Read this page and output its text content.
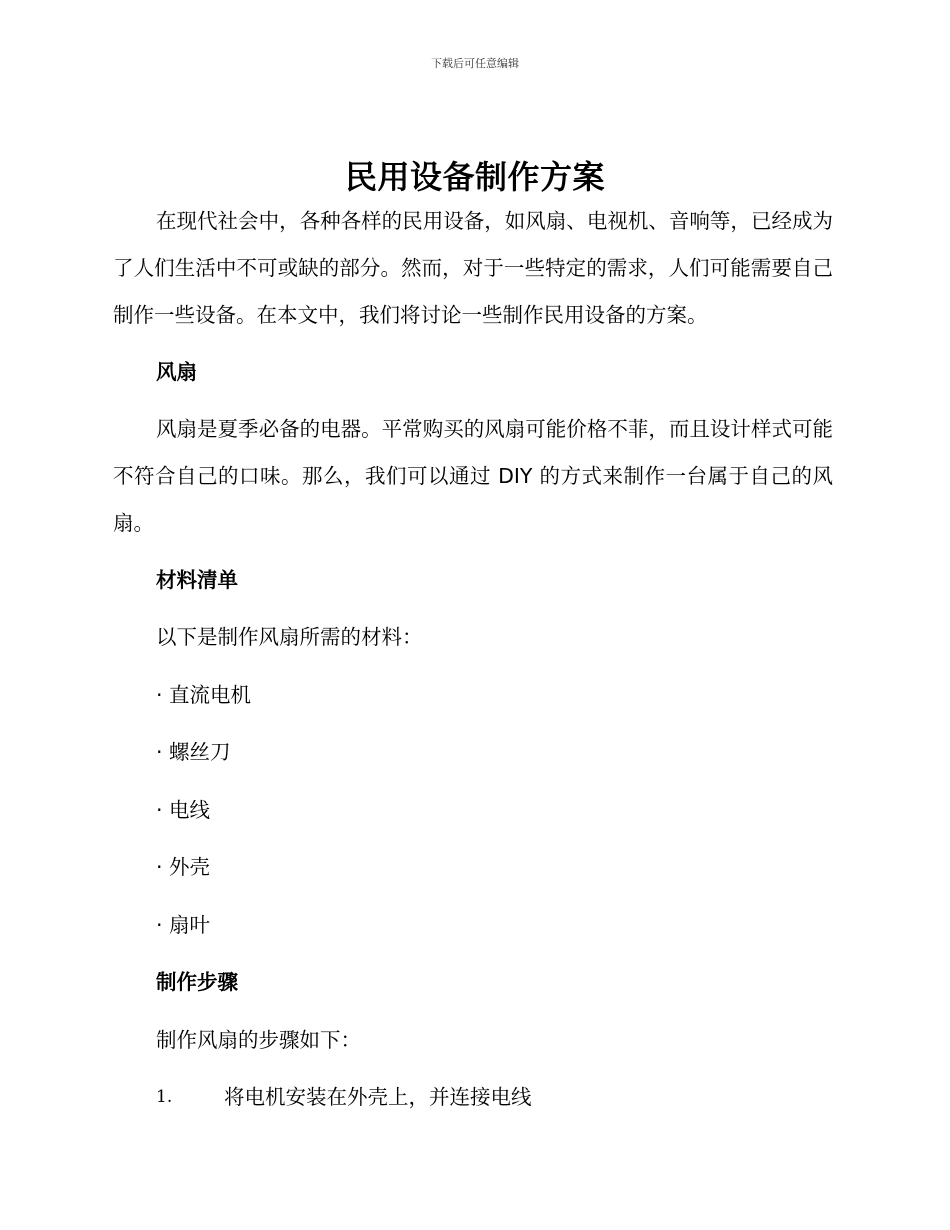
下载后可任意编辑
民用设备制作方案

在现代社会中，各种各样的民用设备，如风扇、电视机、音响等，已经成为了人们生活中不可或缺的部分。然而，对于一些特定的需求，人们可能需要自己制作一些设备。在本文中，我们将讨论一些制作民用设备的方案。

风扇

风扇是夏季必备的电器。平常购买的风扇可能价格不菲，而且设计样式可能不符合自己的口味。那么，我们可以通过 DIY 的方式来制作一台属于自己的风扇。

材料清单

以下是制作风扇所需的材料：

· 直流电机

· 螺丝刀

· 电线

· 外壳

· 扇叶

制作步骤

制作风扇的步骤如下：

1.	将电机安装在外壳上，并连接电线
